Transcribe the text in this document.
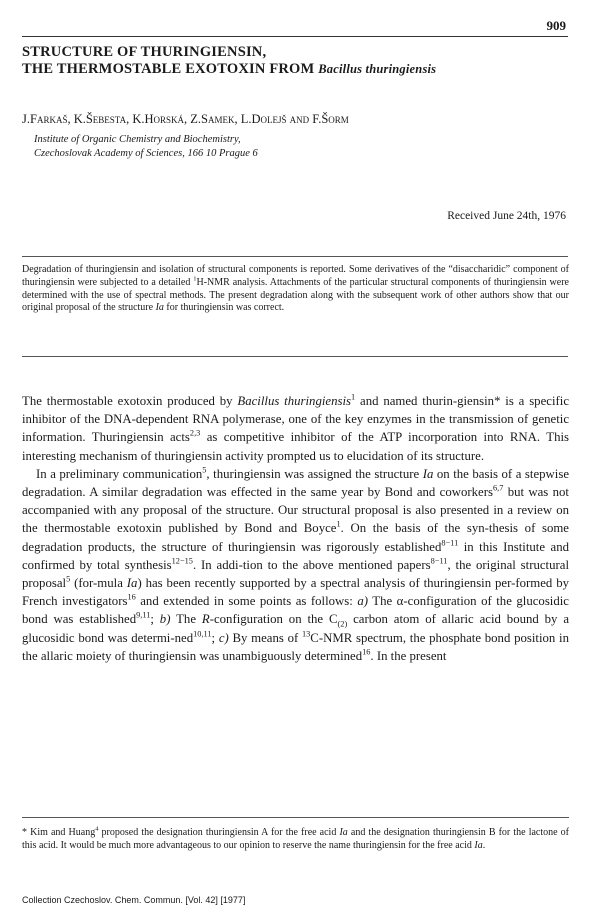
909
STRUCTURE OF THURINGIENSIN,
THE THERMOSTABLE EXOTOXIN FROM Bacillus thuringiensis

J.Farkaš, K.Šebesta, K.Horská, Z.Samek, L.Dolejš and F.Šorm

Institute of Organic Chemistry and Biochemistry,
Czechoslovak Academy of Sciences, 166 10 Prague 6

Received June 24th, 1976

Degradation of thuringiensin and isolation of structural components is reported. Some derivatives of the “disaccharidic” component of thuringiensin were subjected to a detailed $^1$H-NMR analysis. Attachments of the particular structural components of thuringiensin were determined with the use of spectral methods. The present degradation along with the subsequent work of other authors show that our original proposal of the structure Ia for thuringiensin was correct.

The thermostable exotoxin produced by Bacillus thuringiensis$^1$ and named thurin-giensin* is a specific inhibitor of the DNA-dependent RNA polymerase, one of the key enzymes in the transmission of genetic information. Thuringiensin acts$^{2,3}$ as competitive inhibitor of the ATP incorporation into RNA. This interesting mechanism of thuringiensin activity prompted us to elucidation of its structure.

In a preliminary communication$^5$, thuringiensin was assigned the structure Ia on the basis of a stepwise degradation. A similar degradation was effected in the same year by Bond and coworkers$^{6,7}$ but was not accompanied with any proposal of the structure. Our structural proposal is also presented in a review on the thermostable exotoxin published by Bond and Boyce$^1$. On the basis of the syn-thesis of some degradation products, the structure of thuringiensin was rigorously established$^{8-11}$ in this Institute and confirmed by total synthesis$^{12-15}$. In addi-tion to the above mentioned papers$^{8-11}$, the original structural proposal$^5$ (for-mula Ia) has been recently supported by a spectral analysis of thuringiensin per-formed by French investigators$^{16}$ and extended in some points as follows: a) The α-configuration of the glucosidic bond was established$^{9,11}$; b) The R-configuration on the $C_{(2)}$ carbon atom of allaric acid bound by a glucosidic bond was determi-ned$^{10,11}$; c) By means of $^{13}$C-NMR spectrum, the phosphate bond position in the allaric moiety of thuringiensin was unambiguously determined$^{16}$. In the present

* Kim and Huang$^4$ proposed the designation thuringiensin A for the free acid Ia and the designation thuringiensin B for the lactone of this acid. It would be much more advantageous to our opinion to reserve the name thuringiensin for the free acid Ia.

Collection Czechoslov. Chem. Commun. [Vol. 42] [1977]
